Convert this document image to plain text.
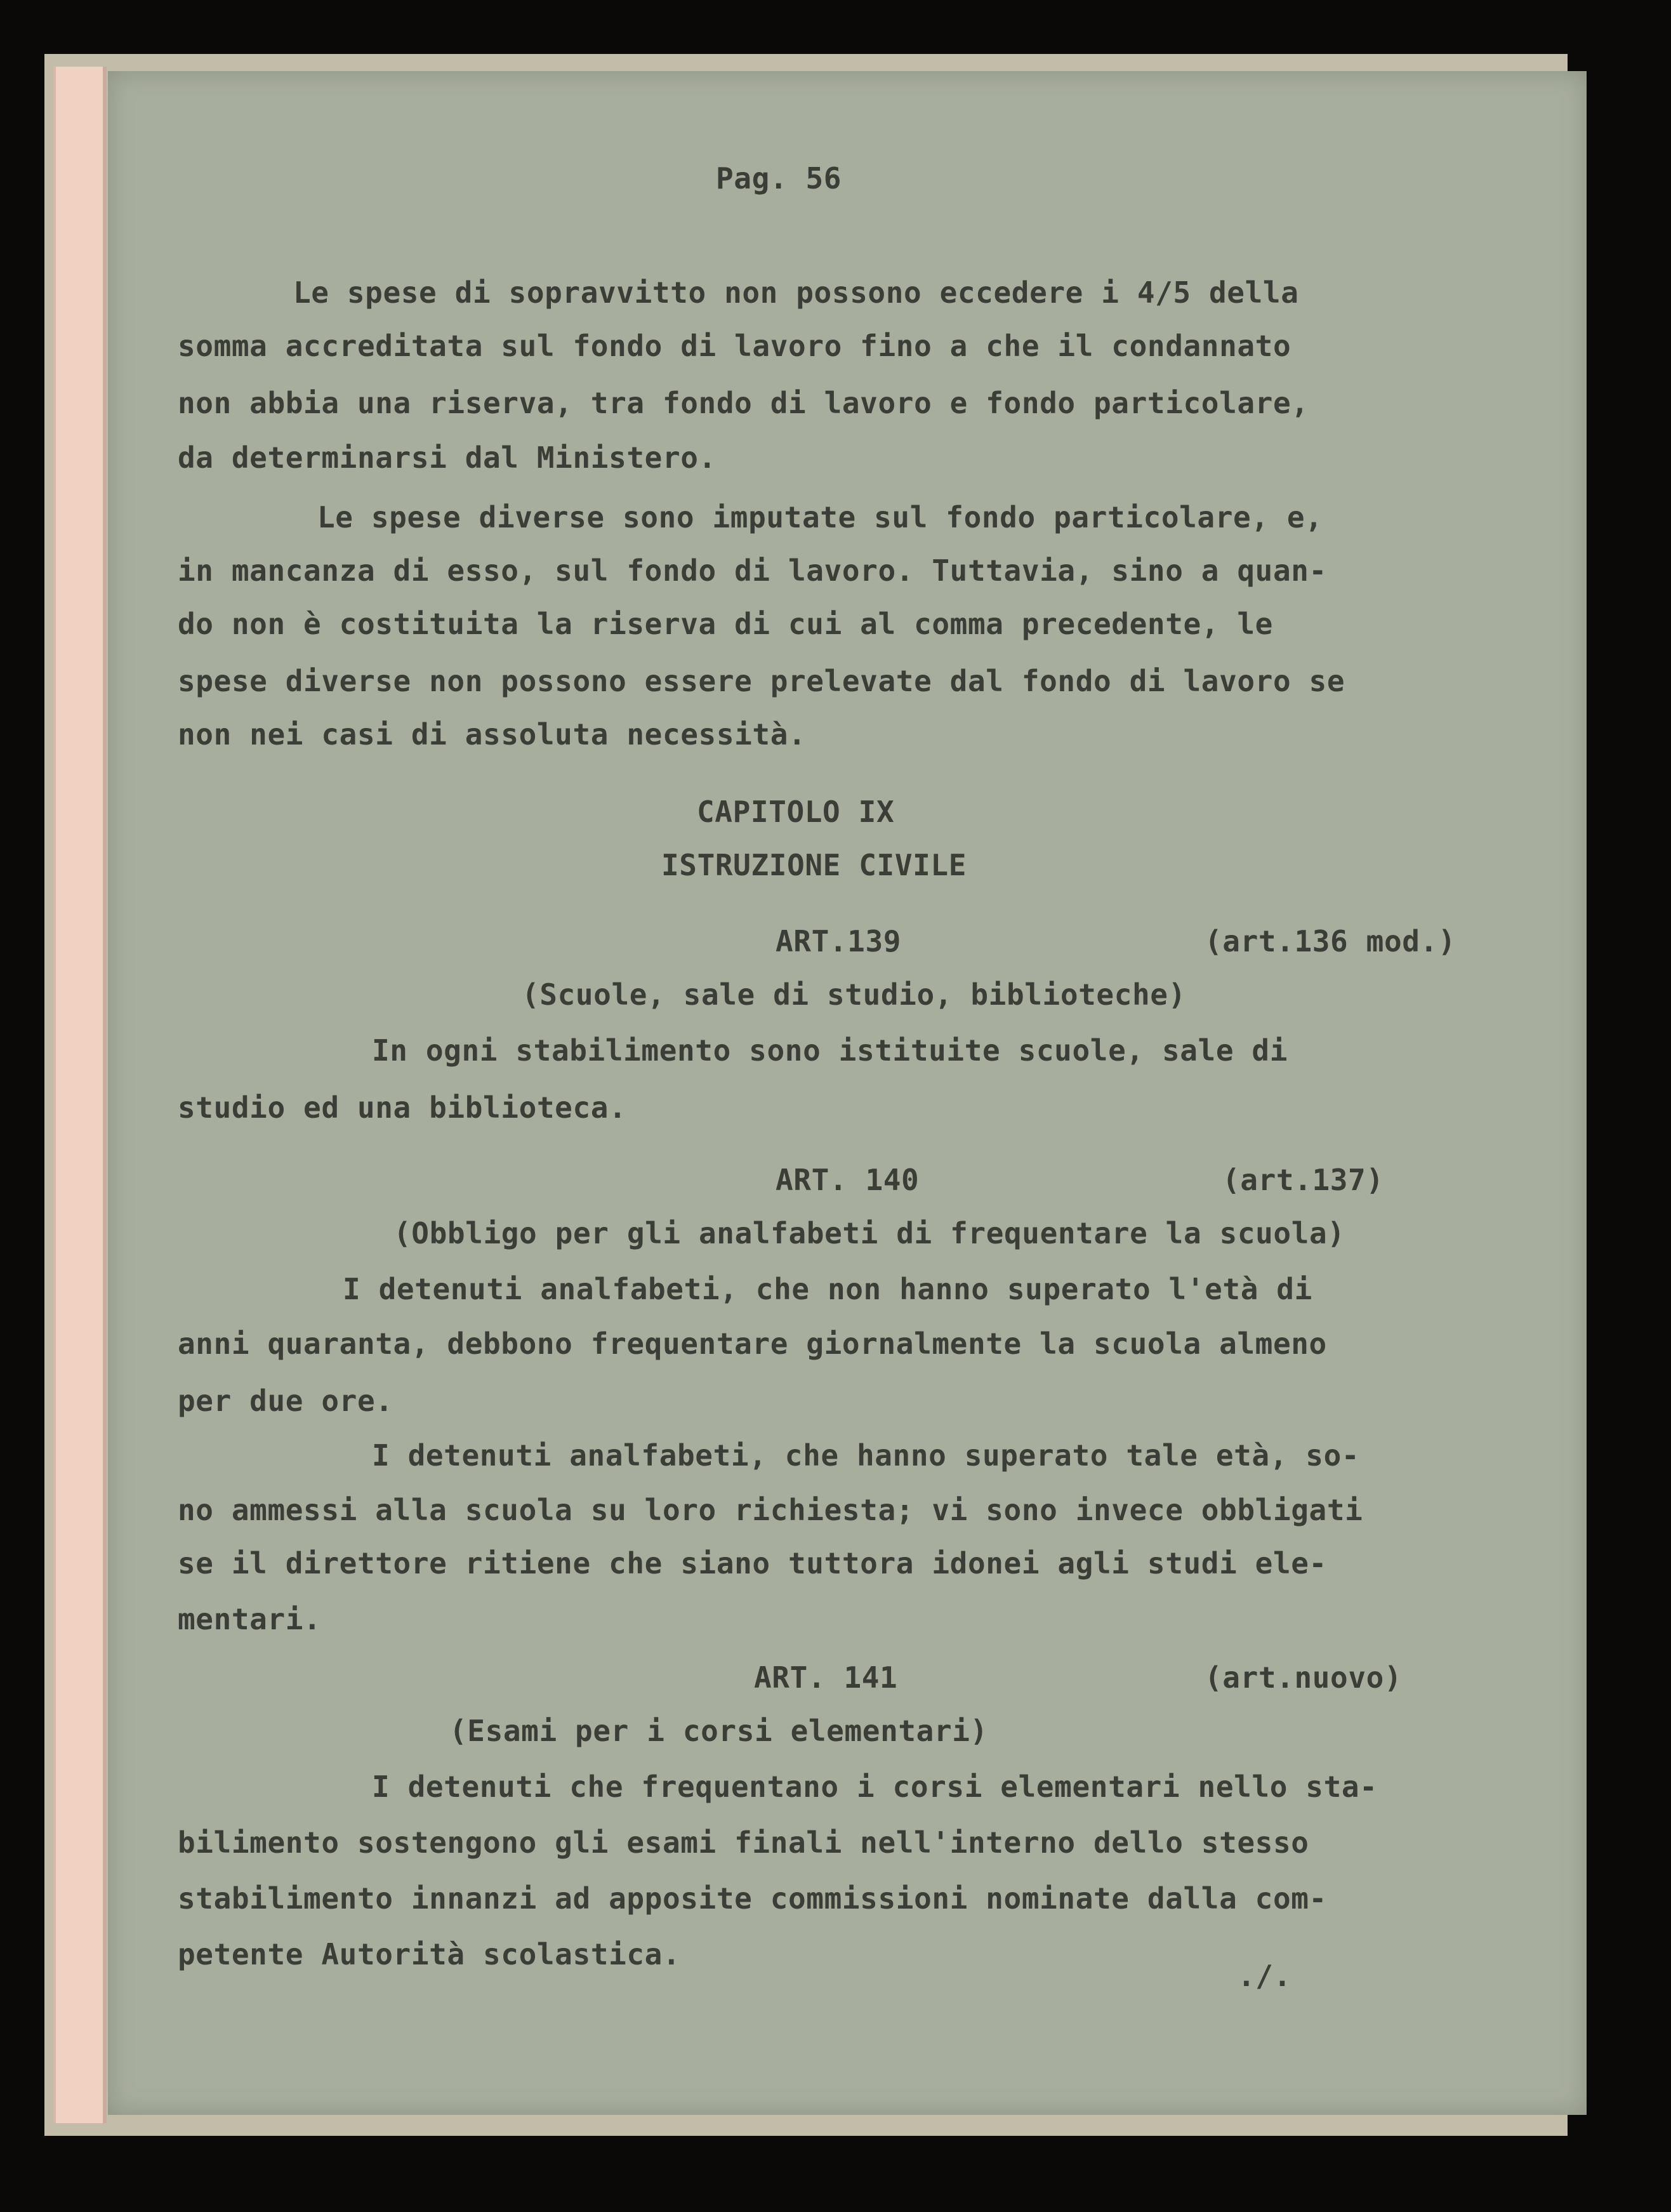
Pag. 56
Le spese di sopravvitto non possono eccedere i 4/5 della
somma accreditata sul fondo di lavoro fino a che il condannato
non abbia una riserva, tra fondo di lavoro e fondo particolare,
da determinarsi dal Ministero.
Le spese diverse sono imputate sul fondo particolare, e,
in mancanza di esso, sul fondo di lavoro. Tuttavia, sino a quan-
do non è costituita la riserva di cui al comma precedente, le
spese diverse non possono essere prelevate dal fondo di lavoro se
non nei casi di assoluta necessità.
CAPITOLO IX
ISTRUZIONE CIVILE
ART.139	(art.136 mod.)
(Scuole, sale di studio, biblioteche)
In ogni stabilimento sono istituite scuole, sale di
studio ed una biblioteca.
ART. 140	(art.137)
(Obbligo per gli analfabeti di frequentare la scuola)
I detenuti analfabeti, che non hanno superato l'età di
anni quaranta, debbono frequentare giornalmente la scuola almeno
per due ore.
I detenuti analfabeti, che hanno superato tale età, so-
no ammessi alla scuola su loro richiesta; vi sono invece obbligati
se il direttore ritiene che siano tuttora idonei agli studi ele-
mentari.
ART. 141	(art.nuovo)
(Esami per i corsi elementari)
I detenuti che frequentano i corsi elementari nello sta-
bilimento sostengono gli esami finali nell'interno dello stesso
stabilimento innanzi ad apposite commissioni nominate dalla com-
petente Autorità scolastica.
./.
